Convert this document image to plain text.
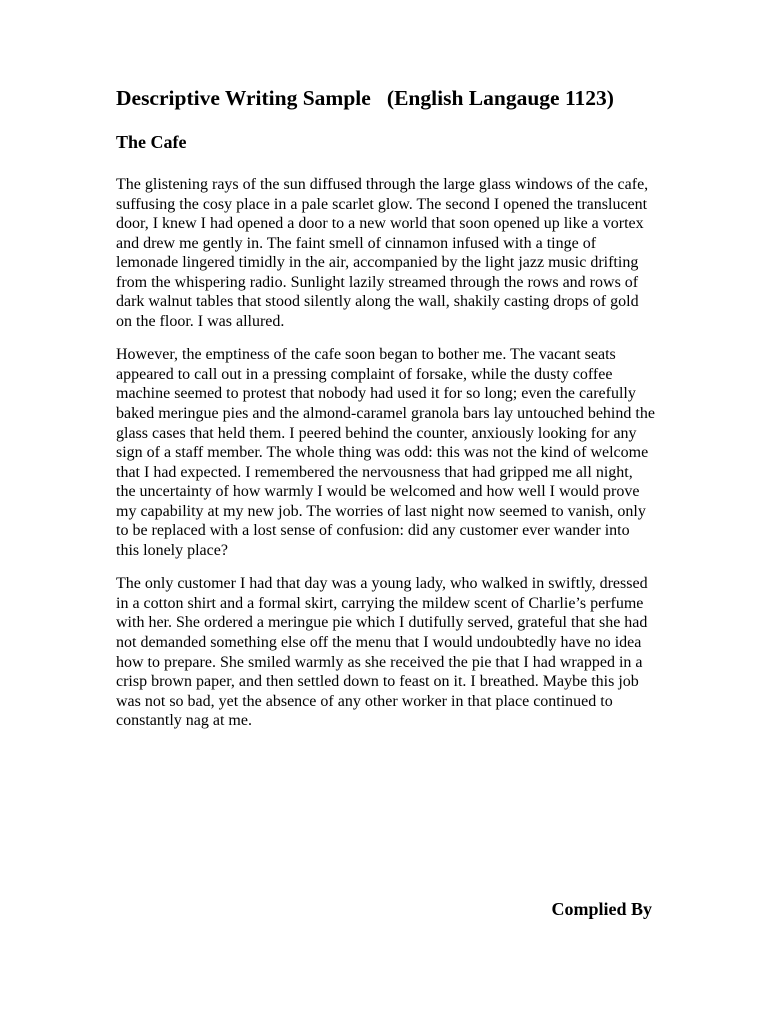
Descriptive Writing Sample   (English Langauge 1123)
The Cafe

The glistening rays of the sun diffused through the large glass windows of the cafe, suffusing the cosy place in a pale scarlet glow. The second I opened the translucent door, I knew I had opened a door to a new world that soon opened up like a vortex and drew me gently in. The faint smell of cinnamon infused with a tinge of lemonade lingered timidly in the air, accompanied by the light jazz music drifting from the whispering radio. Sunlight lazily streamed through the rows and rows of dark walnut tables that stood silently along the wall, shakily casting drops of gold on the floor. I was allured.

However, the emptiness of the cafe soon began to bother me. The vacant seats appeared to call out in a pressing complaint of forsake, while the dusty coffee machine seemed to protest that nobody had used it for so long; even the carefully baked meringue pies and the almond-caramel granola bars lay untouched behind the glass cases that held them. I peered behind the counter, anxiously looking for any sign of a staff member. The whole thing was odd: this was not the kind of welcome that I had expected. I remembered the nervousness that had gripped me all night, the uncertainty of how warmly I would be welcomed and how well I would prove my capability at my new job. The worries of last night now seemed to vanish, only to be replaced with a lost sense of confusion: did any customer ever wander into this lonely place?

The only customer I had that day was a young lady, who walked in swiftly, dressed in a cotton shirt and a formal skirt, carrying the mildew scent of Charlie’s perfume with her. She ordered a meringue pie which I dutifully served, grateful that she had not demanded something else off the menu that I would undoubtedly have no idea how to prepare. She smiled warmly as she received the pie that I had wrapped in a crisp brown paper, and then settled down to feast on it. I breathed. Maybe this job was not so bad, yet the absence of any other worker in that place continued to constantly nag at me.

Complied By
